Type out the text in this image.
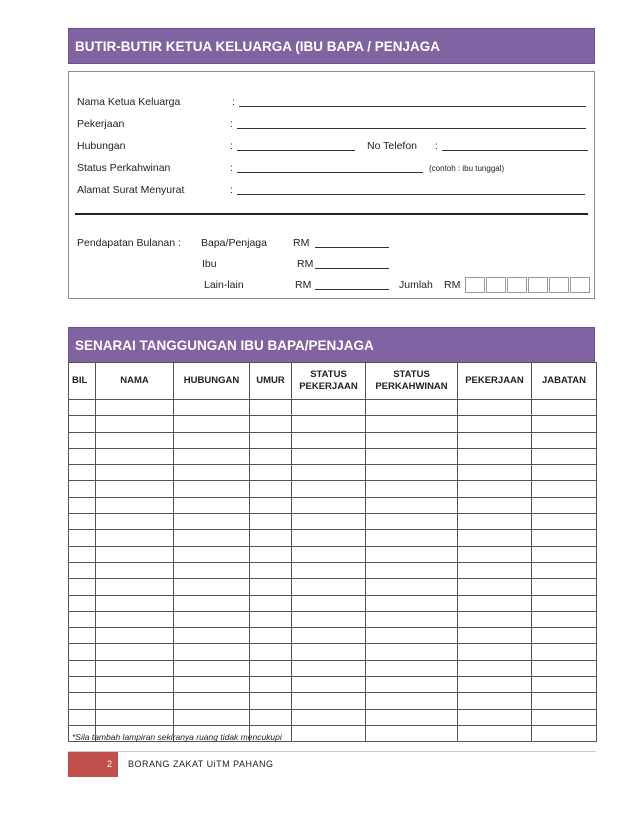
BUTIR-BUTIR KETUA KELUARGA (IBU BAPA / PENJAGA
Nama Ketua Keluarga	:
Pekerjaan	:
Hubungan	:	No Telefon :
Status Perkahwinan	:	(contoh : ibu tunggal)
Alamat Surat Menyurat	:
Pendapatan Bulanan : Bapa/Penjaga RM
Ibu	RM
Lain-lain	RM	Jumlah RM
SENARAI TANGGUNGAN IBU BAPA/PENJAGA
BIL	NAMA	HUBUNGAN	UMUR	STATUS PEKERJAAN	STATUS PERKAHWINAN	PEKERJAAN	JABATAN

*Sila tambah lampiran sekiranya ruang tidak mencukupi
2	BORANG ZAKAT UiTM PAHANG
